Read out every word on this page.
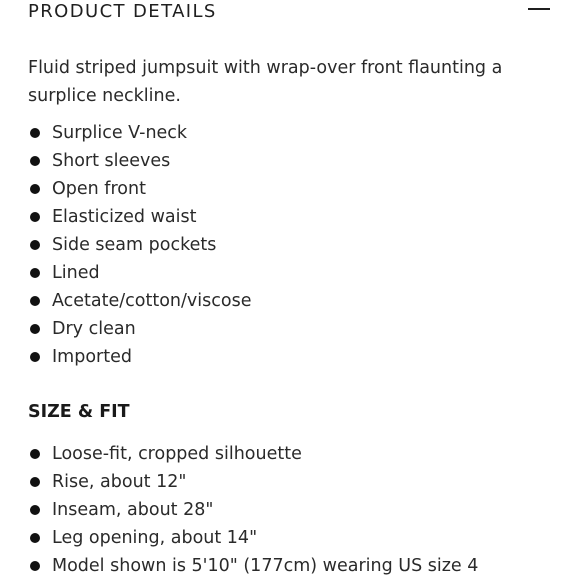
PRODUCT DETAILS

Fluid striped jumpsuit with wrap-over front flaunting a surplice neckline.

Surplice V-neck
Short sleeves
Open front
Elasticized waist
Side seam pockets
Lined
Acetate/cotton/viscose
Dry clean
Imported
SIZE & FIT
Loose-fit, cropped silhouette
Rise, about 12"
Inseam, about 28"
Leg opening, about 14"
Model shown is 5'10" (177cm) wearing US size 4
